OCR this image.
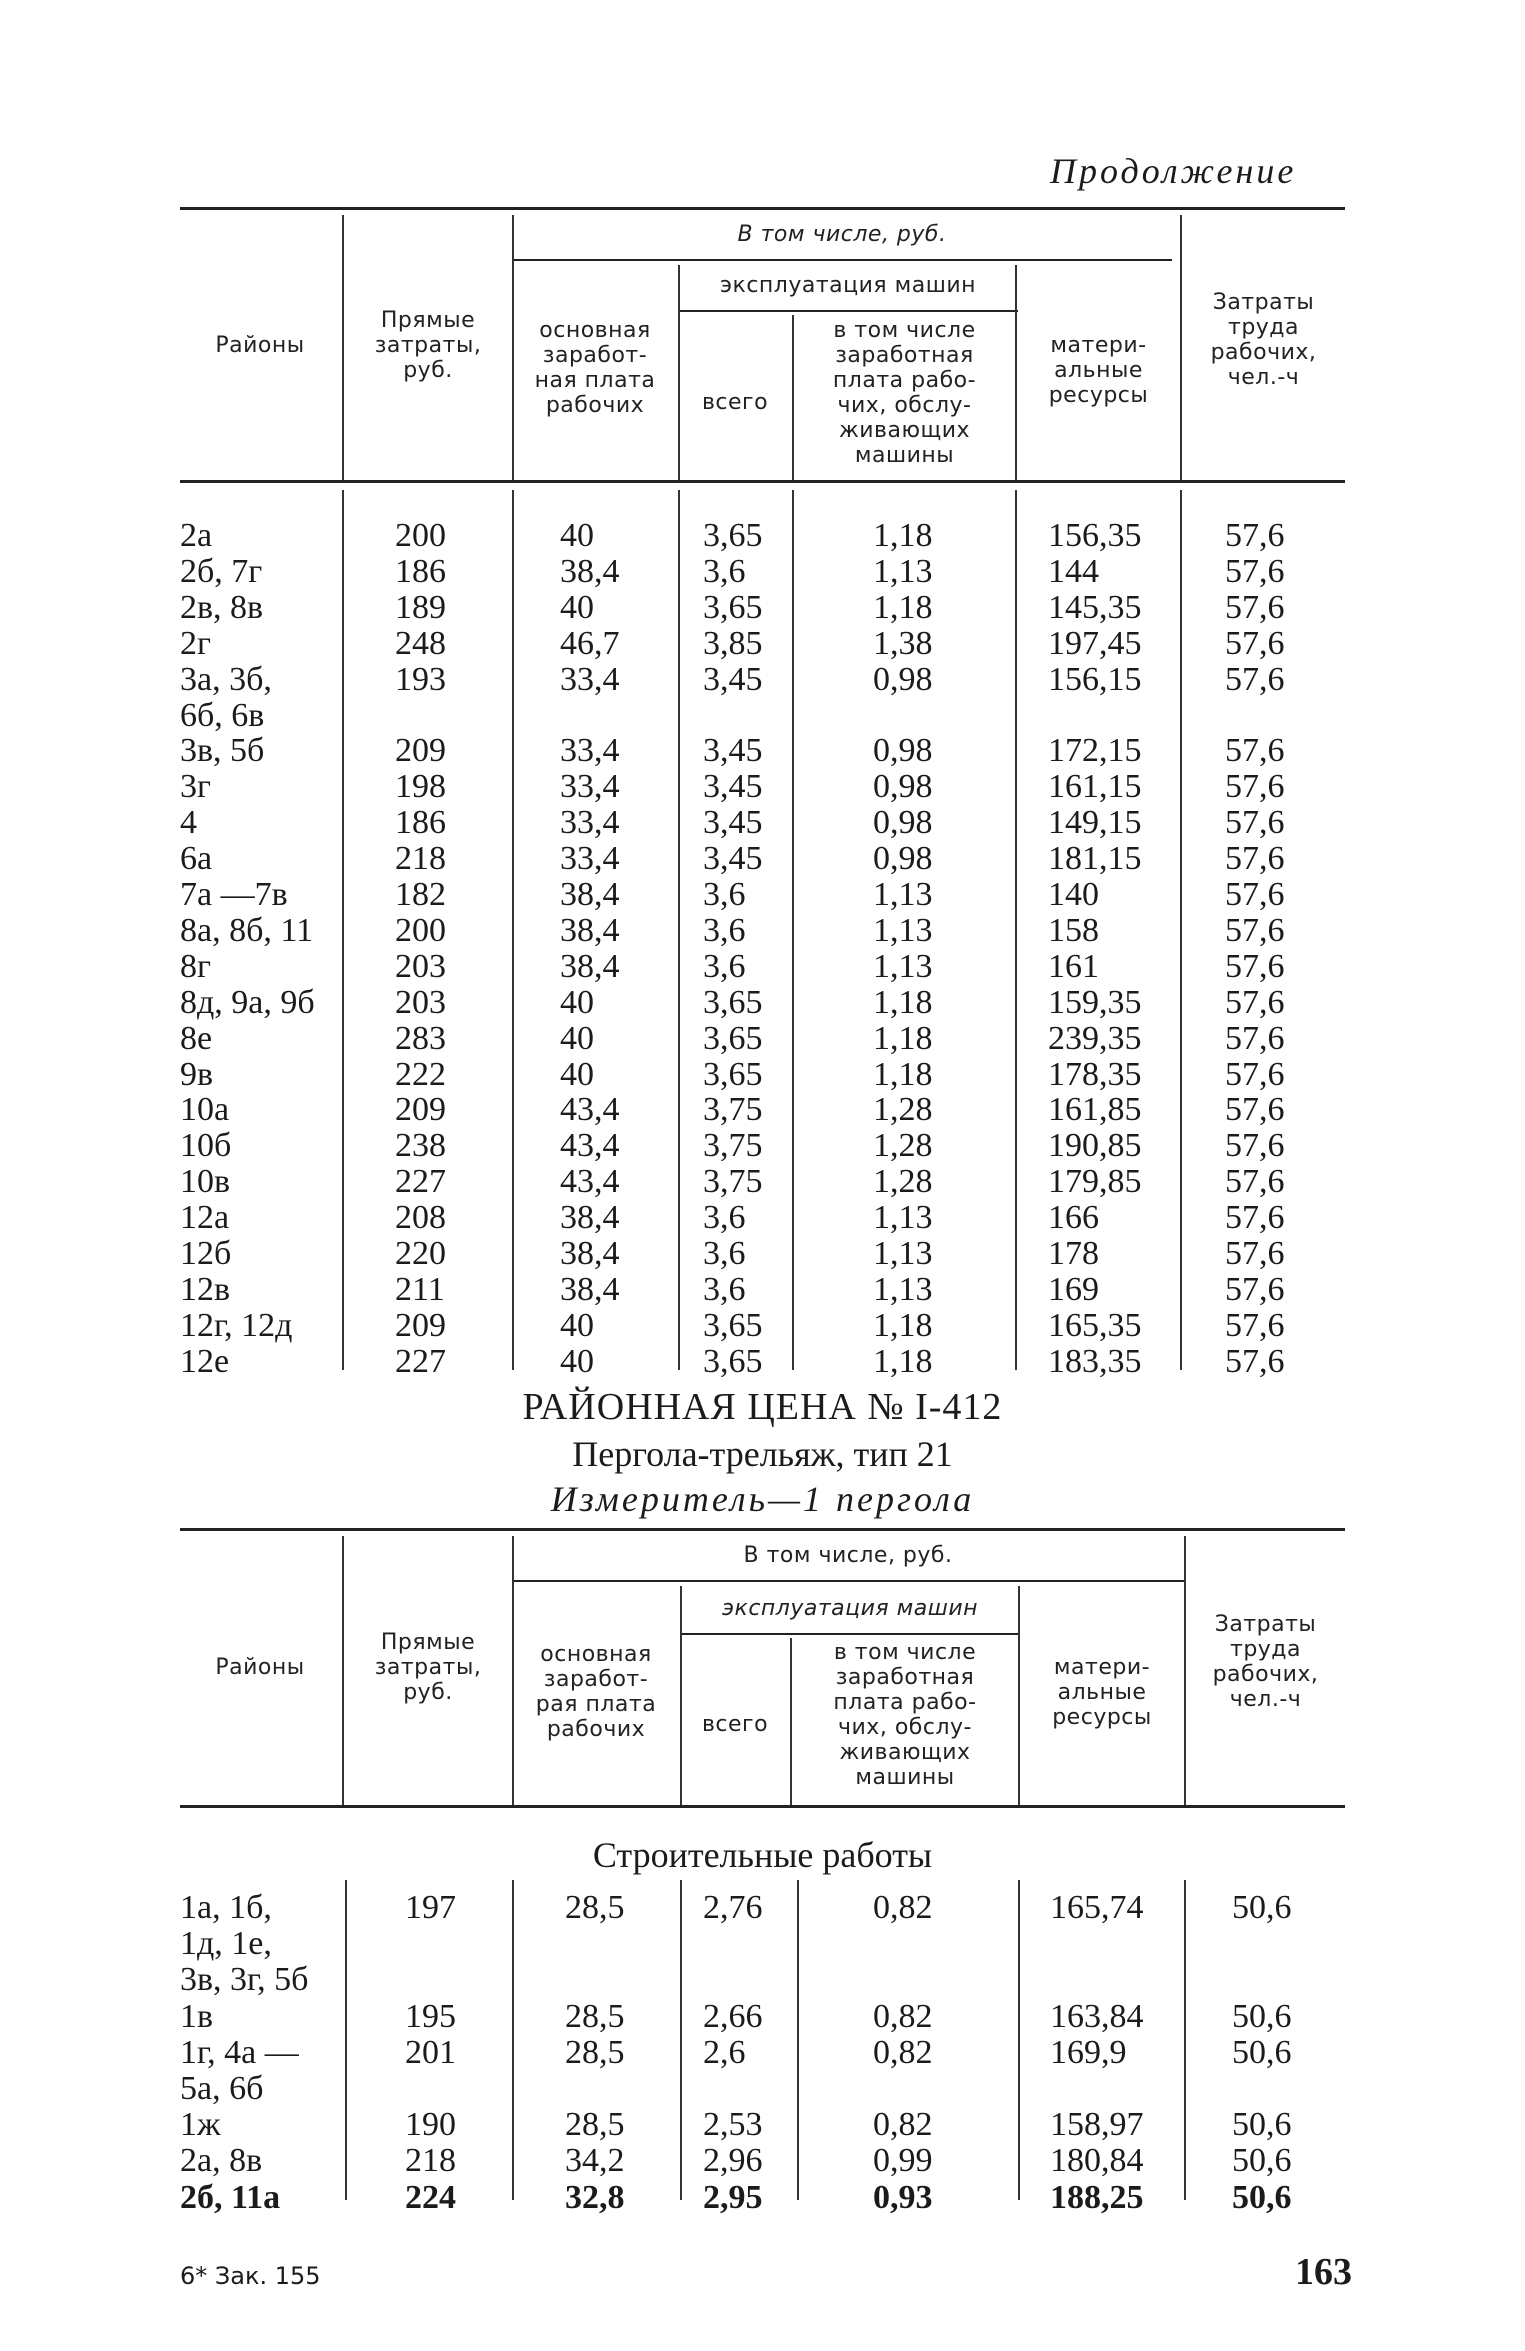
Продолжение
Районы
Прямые
затраты,
руб.
В том числе, руб.
основная
заработ-
ная плата
рабочих
эксплуатация машин
всего
в том числе
заработная
плата рабо-
чих, обслу-
живающих
машины
матери-
альные
ресурсы
Затраты
труда
рабочих,
чел.-ч
2а	200	40	3,65	1,18	156,35 57,6
2б, 7г	186	38,4 3,6	1,13	144	57,6
2в, 8в	189	40	3,65	1,18	145,35 57,6
2г	248	46,7 3,85	1,38	197,45 57,6
3а, 3б,	193	33,4 3,45	0,98	156,15 57,6
6б, 6в
3в, 5б	209	33,4 3,45	0,98	172,15 57,6
3г	198	33,4 3,45	0,98	161,15 57,6
4	186	33,4 3,45	0,98	149,15 57,6
6а	218	33,4 3,45	0,98	181,15 57,6
7а —7в	182	38,4 3,6	1,13	140	57,6
8а, 8б, 11 200	38,4 3,6	1,13	158	57,6
8г	203	38,4 3,6	1,13	161	57,6
8д, 9а, 9б 203	40	3,65	1,18	159,35 57,6
8е	283	40	3,65	1,18	239,35 57,6
9в	222	40	3,65	1,18	178,35 57,6
10а	209	43,4 3,75	1,28	161,85 57,6
10б	238	43,4 3,75	1,28	190,85 57,6
10в	227	43,4 3,75	1,28	179,85 57,6
12а	208	38,4 3,6	1,13	166	57,6
12б	220	38,4 3,6	1,13	178	57,6
12в	211	38,4 3,6	1,13	169	57,6
12г, 12д	209	40	3,65	1,18	165,35 57,6
12е	227	40	3,65	1,18	183,35 57,6
РАЙОННАЯ ЦЕНА № I-412
Пергола-трельяж, тип 21
Измеритель—1 пергола
Районы
Прямые
затраты,
руб.
В том числе, руб.
основная
заработ-
рая плата
рабочих
эксплуатация машин
всего
в том числе
заработная
плата рабо-
чих, обслу-
живающих
машины
матери-
альные
ресурсы
Затраты
труда
рабочих,
чел.-ч
Строительные работы
1а, 1б,	197	28,5 2,76	0,82	165,74	50,6
1д, 1е,
3в, 3г, 5б
1в	195	28,5 2,66	0,82	163,84	50,6
1г, 4а —	201	28,5 2,6	0,82	169,9	50,6
5а, 6б
1ж	190	28,5 2,53	0,82	158,97	50,6
2а, 8в	218	34,2 2,96	0,99	180,84	50,6
2б, 11а	224	32,8 2,95	0,93	188,25	50,6
6* Зак. 155	163
